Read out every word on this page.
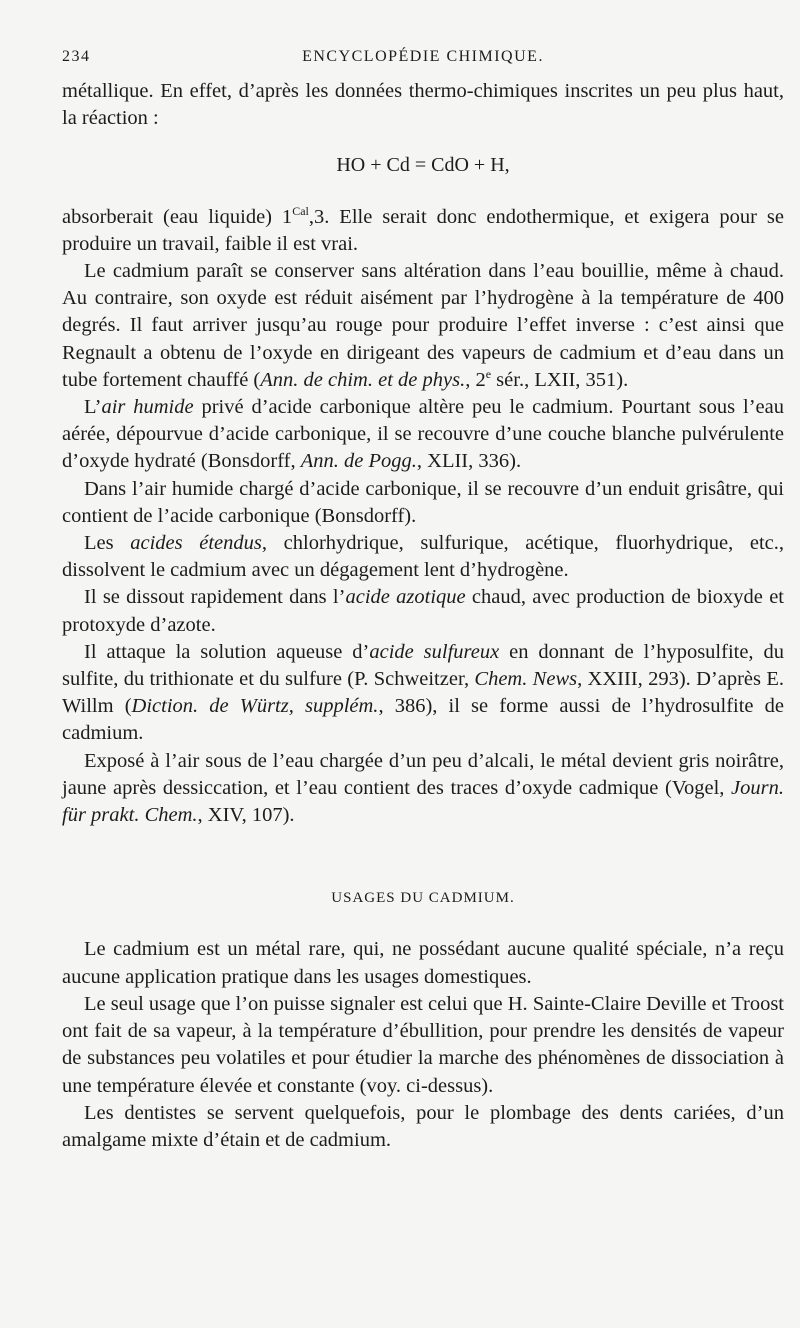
234	ENCYCLOPÉDIE CHIMIQUE.

métallique. En effet, d’après les données thermo-chimiques inscrites un peu plus haut, la réaction :

HO + Cd = CdO + H,

absorberait (eau liquide) $1^{Cal},3$. Elle serait donc endothermique, et exigera pour se produire un travail, faible il est vrai.

Le cadmium paraît se conserver sans altération dans l’eau bouillie, même à chaud. Au contraire, son oxyde est réduit aisément par l’hydrogène à la température de 400 degrés. Il faut arriver jusqu’au rouge pour produire l’effet inverse : c’est ainsi que Regnault a obtenu de l’oxyde en dirigeant des vapeurs de cadmium et d’eau dans un tube fortement chauffé (Ann. de chim. et de phys., 2e sér., LXII, 351).

L’air humide privé d’acide carbonique altère peu le cadmium. Pourtant sous l’eau aérée, dépourvue d’acide carbonique, il se recouvre d’une couche blanche pulvérulente d’oxyde hydraté (Bonsdorff, Ann. de Pogg., XLII, 336).

Dans l’air humide chargé d’acide carbonique, il se recouvre d’un enduit grisâtre, qui contient de l’acide carbonique (Bonsdorff).

Les acides étendus, chlorhydrique, sulfurique, acétique, fluorhydrique, etc., dissolvent le cadmium avec un dégagement lent d’hydrogène.

Il se dissout rapidement dans l’acide azotique chaud, avec production de bioxyde et protoxyde d’azote.

Il attaque la solution aqueuse d’acide sulfureux en donnant de l’hyposulfite, du sulfite, du trithionate et du sulfure (P. Schweitzer, Chem. News, XXIII, 293). D’après E. Willm (Diction. de Würtz, supplém., 386), il se forme aussi de l’hydrosulfite de cadmium.

Exposé à l’air sous de l’eau chargée d’un peu d’alcali, le métal devient gris noirâtre, jaune après dessiccation, et l’eau contient des traces d’oxyde cadmique (Vogel, Journ. für prakt. Chem., XIV, 107).

USAGES DU CADMIUM.

Le cadmium est un métal rare, qui, ne possédant aucune qualité spéciale, n’a reçu aucune application pratique dans les usages domestiques.

Le seul usage que l’on puisse signaler est celui que H. Sainte-Claire Deville et Troost ont fait de sa vapeur, à la température d’ébullition, pour prendre les densités de vapeur de substances peu volatiles et pour étudier la marche des phénomènes de dissociation à une température élevée et constante (voy. ci-dessus).

Les dentistes se servent quelquefois, pour le plombage des dents cariées, d’un amalgame mixte d’étain et de cadmium.
